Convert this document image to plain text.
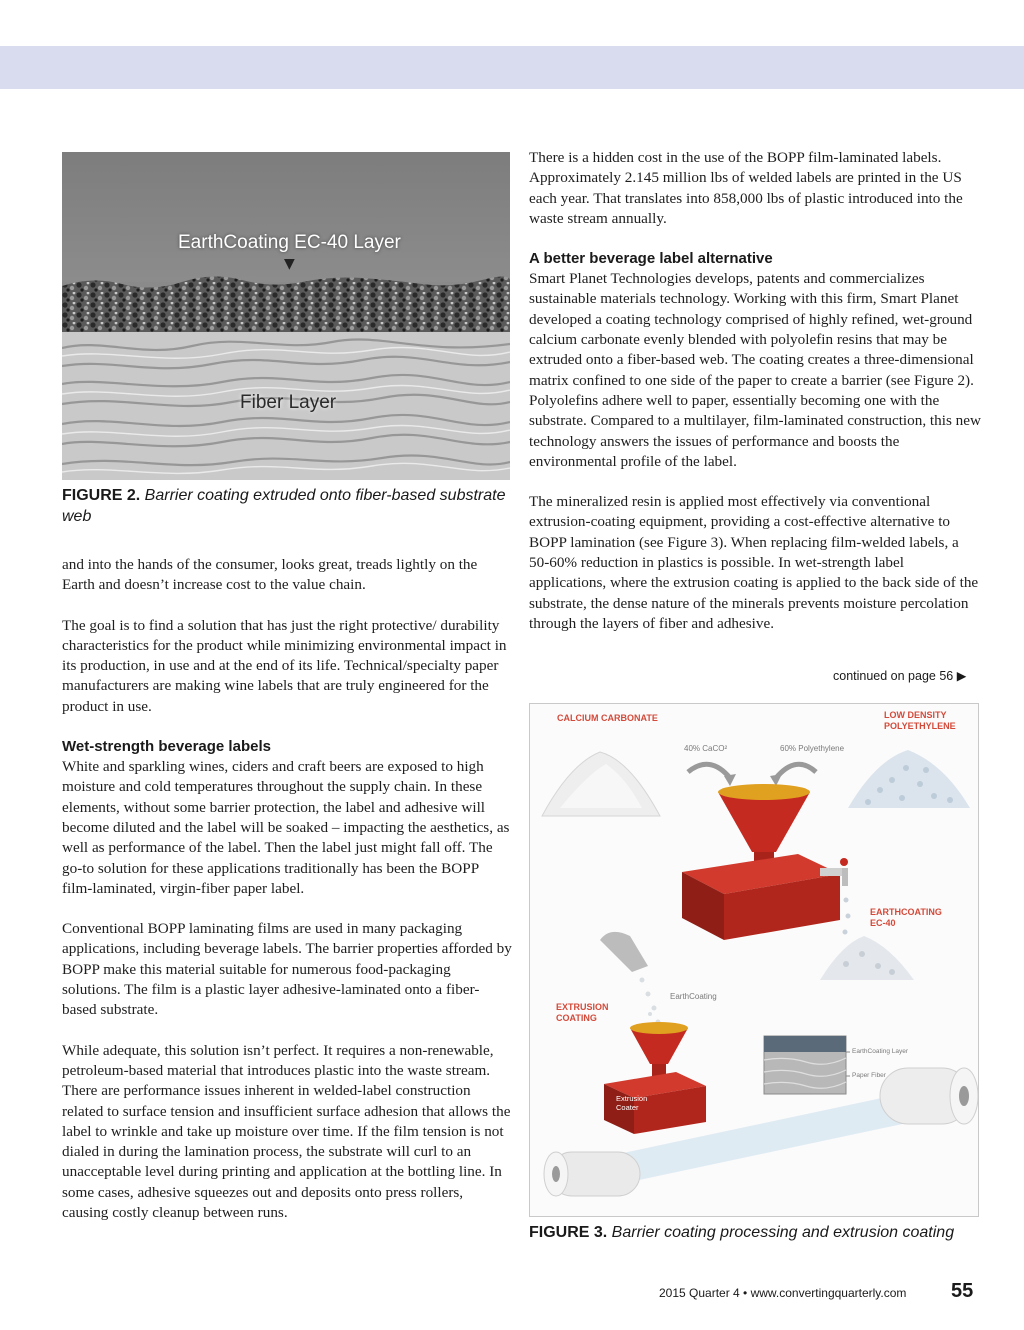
EarthCoating EC-40 Layer
▼
Fiber Layer
FIGURE 2. Barrier coating extruded onto fiber-based substrate web

and into the hands of the consumer, looks great, treads lightly on the Earth and doesn’t increase cost to the value chain.

The goal is to find a solution that has just the right protective/ durability characteristics for the product while minimizing environmental impact in its production, in use and at the end of its life. Technical/specialty paper manufacturers are making wine labels that are truly engineered for the product in use.

Wet-strength beverage labels

White and sparkling wines, ciders and craft beers are exposed to high moisture and cold temperatures throughout the supply chain. In these elements, without some barrier protection, the label and adhesive will become diluted and the label will be soaked – impacting the aesthetics, as well as performance of the label. Then the label just might fall off. The go-to solution for these applications traditionally has been the BOPP film-laminated, virgin-fiber paper label.

Conventional BOPP laminating films are used in many packaging applications, including beverage labels. The barrier properties afforded by BOPP make this material suitable for numerous food-packaging solutions. The film is a plastic layer adhesive-laminated onto a fiber-based substrate.

While adequate, this solution isn’t perfect. It requires a non-renewable, petroleum-based material that introduces plastic into the waste stream. There are performance issues inherent in welded-label construction related to surface tension and insufficient surface adhesion that allows the label to wrinkle and take up moisture over time. If the film tension is not dialed in during the lamination process, the substrate will curl to an unacceptable level during printing and application at the bottling line. In some cases, adhesive squeezes out and deposits onto press rollers, causing costly cleanup between runs.

There is a hidden cost in the use of the BOPP film-laminated labels. Approximately 2.145 million lbs of welded labels are printed in the US each year. That translates into 858,000 lbs of plastic introduced into the waste stream annually.

A better beverage label alternative

Smart Planet Technologies develops, patents and commercializes sustainable materials technology. Working with this firm, Smart Planet developed a coating technology comprised of highly refined, wet-ground calcium carbonate evenly blended with polyolefin resins that may be extruded onto a fiber-based web. The coating creates a three-dimensional matrix confined to one side of the paper to create a barrier (see Figure 2). Polyolefins adhere well to paper, essentially becoming one with the substrate. Compared to a multilayer, film-laminated construction, this new technology answers the issues of performance and boosts the environmental profile of the label.

The mineralized resin is applied most effectively via conventional extrusion-coating equipment, providing a cost-effective alternative to BOPP lamination (see Figure 3). When replacing film-welded labels, a 50-60% reduction in plastics is possible. In wet-strength label applications, where the extrusion coating is applied to the back side of the substrate, the dense nature of the minerals prevents moisture percolation through the layers of fiber and adhesive.

continued on page 56 ▶
CALCIUM CARBONATE	LOW DENSITY
POLYETHYLENE
40% CaCO²	60% Polyethylene
EARTHCOATING
EC-40
EarthCoating
EXTRUSION
COATING
Extrusion
Coater
EarthCoating Layer
Paper Fiber
FIGURE 3. Barrier coating processing and extrusion coating
2015 Quarter 4 • www.convertingquarterly.com 55
